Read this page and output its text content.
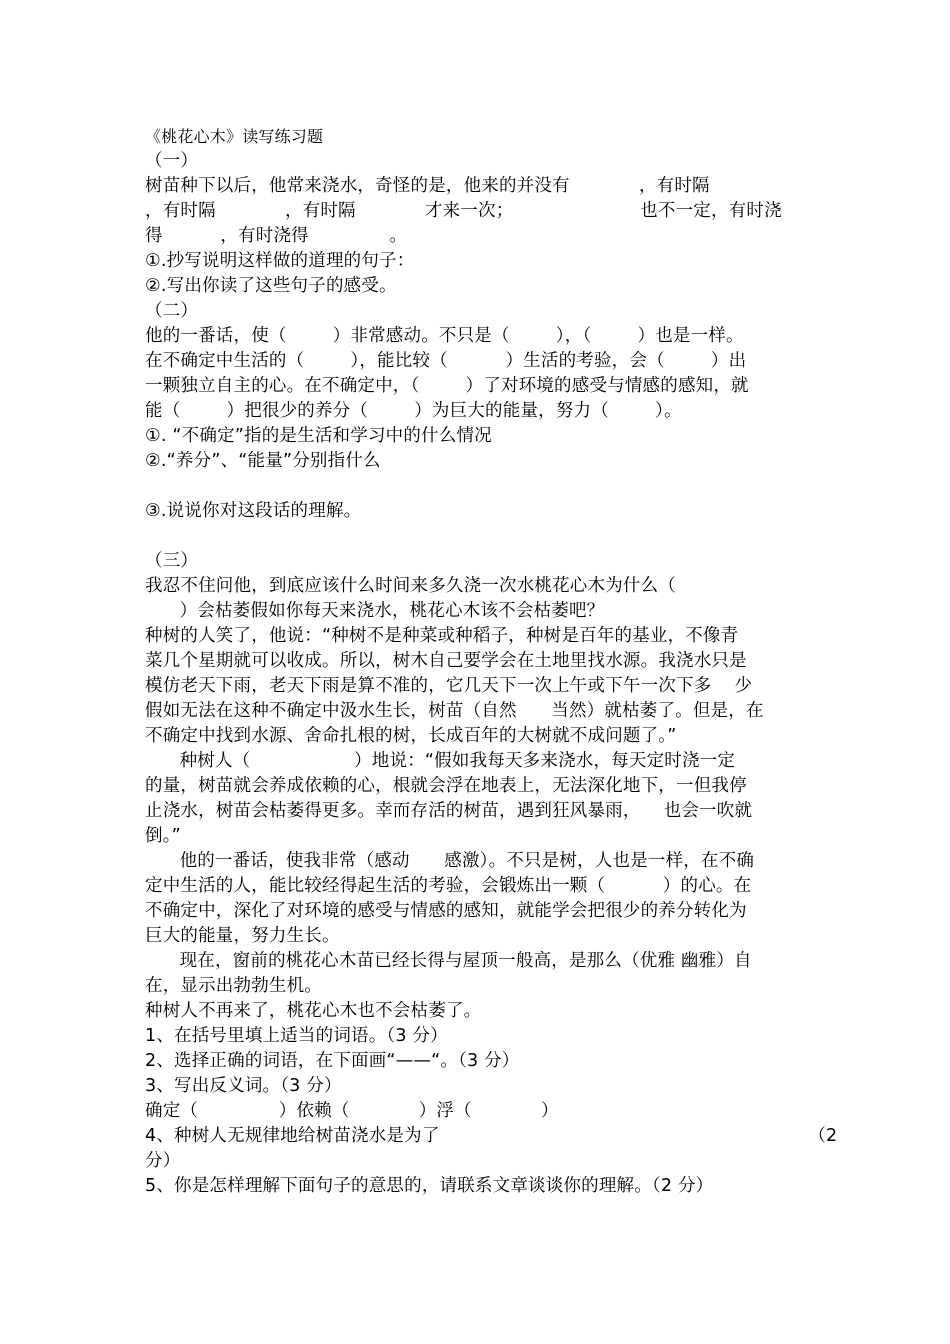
《桃花心木》读写练习题
（一）
树苗种下以后，他常来浇水，奇怪的是，他来的并没有            ，有时隔
，有时隔            ，有时隔            才来一次；                      也不一定，有时浇
得          ，有时浇得              。
①.抄写说明这样做的道理的句子：
②.写出你读了这些句子的感受。
（二）
他的一番话，使（        ）非常感动。不只是（        ），（        ）也是一样。
在不确定中生活的（        ），能比较（          ）生活的考验，会（        ）出
一颗独立自主的心。在不确定中，（        ）了对环境的感受与情感的感知，就
能（        ）把很少的养分（        ）为巨大的能量，努力（        ）。
①. “不确定”指的是生活和学习中的什么情况
②.“养分”、“能量”分别指什么
③.说说你对这段话的理解。
（三）
我忍不住问他，到底应该什么时间来多久浇一次水桃花心木为什么（
）会枯萎假如你每天来浇水，桃花心木该不会枯萎吧？
种树的人笑了，他说：“种树不是种菜或种稻子，种树是百年的基业，不像青
菜几个星期就可以收成。所以，树木自己要学会在土地里找水源。我浇水只是
模仿老天下雨，老天下雨是算不准的，它几天下一次上午或下午一次下多    少
假如无法在这种不确定中汲水生长，树苗（自然      当然）就枯萎了。但是，在
不确定中找到水源、舍命扎根的树，长成百年的大树就不成问题了。”
种树人（                  ）地说：“假如我每天多来浇水，每天定时浇一定
的量，树苗就会养成依赖的心，根就会浮在地表上，无法深化地下，一但我停
止浇水，树苗会枯萎得更多。幸而存活的树苗，遇到狂风暴雨，    也会一吹就
倒。”
他的一番话，使我非常（感动      感激）。不只是树，人也是一样，在不确
定中生活的人，能比较经得起生活的考验，会锻炼出一颗（          ）的心。在
不确定中，深化了对环境的感受与情感的感知，就能学会把很少的养分转化为
巨大的能量，努力生长。
现在，窗前的桃花心木苗已经长得与屋顶一般高，是那么（优雅 幽雅）自
在，显示出勃勃生机。
种树人不再来了，桃花心木也不会枯萎了。
1、在括号里填上适当的词语。（3 分）
2、选择正确的词语，在下面画“——“。（3 分）
3、写出反义词。（3 分）
确定（              ）依赖（            ）浮（            ）
4、种树人无规律地给树苗浇水是为了                                                                （2
分）
5、你是怎样理解下面句子的意思的，请联系文章谈谈你的理解。（2 分）
